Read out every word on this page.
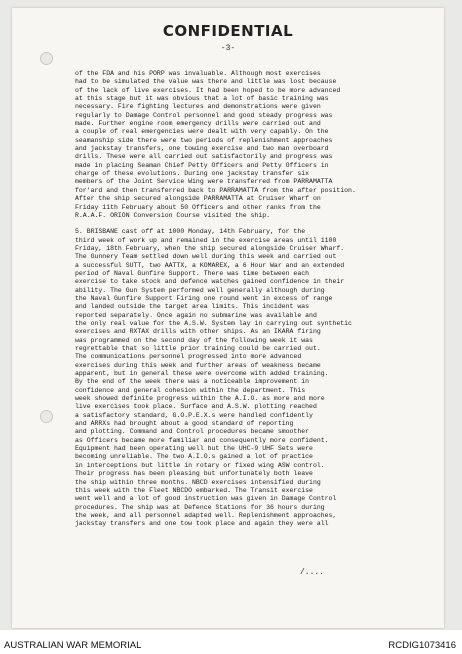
CONFIDENTIAL
-3-
of the FDA and his PORP was invaluable. Although most exercises
had to be simulated the value was there and little was lost because
of the lack of live exercises. It had been hoped to be more advanced
at this stage but it was obvious that a lot of basic training was
necessary. Fire fighting lectures and demonstrations were given
regularly to Damage Control personnel and good steady progress was
made. Further engine room emergency drills were carried out and
a couple of real emergencies were dealt with very capably. On the
seamanship side there were two periods of replenishment approaches
and jackstay transfers, one towing exercise and two man overboard
drills. These were all carried out satisfactorily and progress was
made in placing Seaman Chief Petty Officers and Petty Officers in
charge of these evolutions. During one jackstay transfer six
members of the Joint Service Wing were transferred from PARRAMATTA
for'ard and then transferred back to PARRAMATTA from the after position.
After the ship secured alongside PARRAMATTA at Cruiser Wharf on
Friday 11th February about 50 Officers and other ranks from the
R.A.A.F. ORION Conversion Course visited the ship.
5. BRISBANE cast off at 1000 Monday, 14th February, for the
third week of work up and remained in the exercise areas until 1100
Friday, 18th February, when the ship secured alongside Cruiser Wharf.
The Gunnery Team settled down well during this week and carried out
a successful SUTT, two AATTX, a KOMAREX, a 6 Hour War and an extended
period of Naval Gunfire Support. There was time between each
exercise to take stock and defence watches gained confidence in their
ability. The Gun System performed well generally although during
the Naval Gunfire Support Firing one round went in excess of range
and landed outside the target area limits. This incident was
reported separately. Once again no submarine was available and
the only real value for the A.S.W. System lay in carrying out synthetic
exercises and RXTAX drills with other ships. As an IKARA firing
was programmed on the second day of the following week it was
regrettable that so little prior training could be carried out.
The communications personnel progressed into more advanced
exercises during this week and further areas of weakness became
apparent, but in general these were overcome with added training.
By the end of the week there was a noticeable improvement in
confidence and general cohesion within the department. This
week showed definite progress within the A.I.O. as more and more
live exercises took place. Surface and A.S.W. plotting reached
a satisfactory standard, G.O.P.E.X.s were handled confidently
and ARRXs had brought about a good standard of reporting
and plotting. Command and Control procedures became smoother
as Officers became more familiar and consequently more confident.
Equipment had been operating well but the UHC-9 UHF Sets were
becoming unreliable. The two A.I.O.s gained a lot of practice
in interceptions but little in rotary or fixed wing ASW control.
Their progress has been pleasing but unfortunately both leave
the ship within three months. NBCD exercises intensified during
this week with the Fleet NBCDO embarked. The Transit exercise
went well and a lot of good instruction was given in Damage Control
procedures. The ship was at Defence Stations for 36 hours during
the week, and all personnel adapted well. Replenishment approaches,
jackstay transfers and one tow took place and again they were all
/....
AUSTRALIAN WAR MEMORIAL	RCDIG1073416
